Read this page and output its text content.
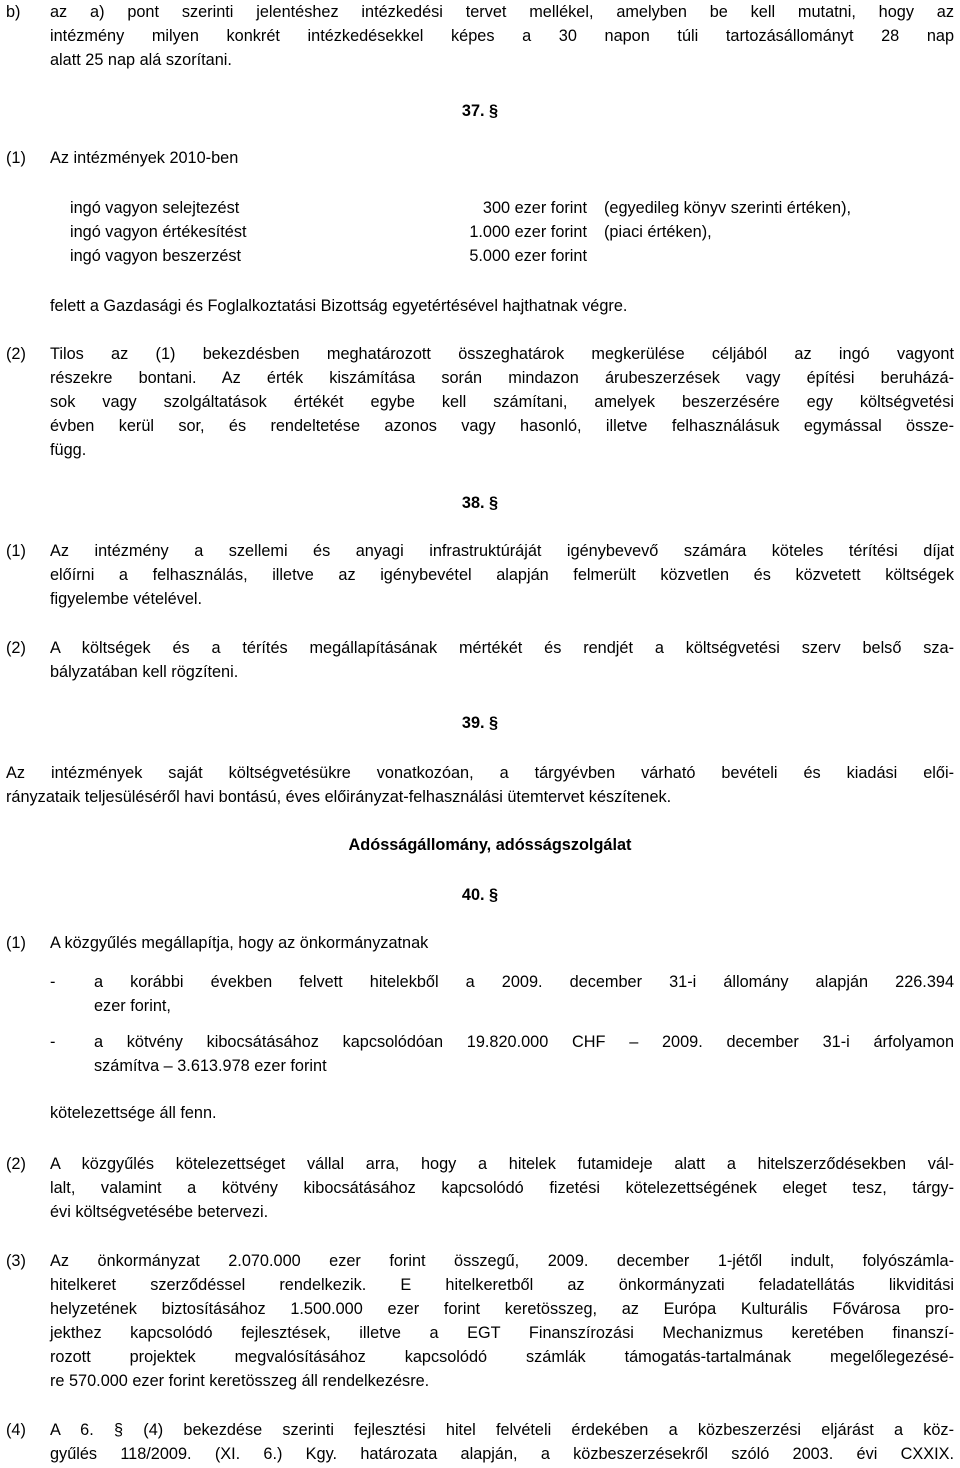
b) az a) pont szerinti jelentéshez intézkedési tervet mellékel, amelyben be kell mutatni, hogy az
intézmény milyen konkrét intézkedésekkel képes a 30 napon túli tartozásállományt 28 nap
alatt 25 nap alá szorítani.
37. §
(1) Az intézmények 2010-ben
ingó vagyon selejtezést	300 ezer forint (egyedileg könyv szerinti értéken),
ingó vagyon értékesítést	1.000 ezer forint (piaci értéken),
ingó vagyon beszerzést	5.000 ezer forint
felett a Gazdasági és Foglalkoztatási Bizottság egyetértésével hajthatnak végre.
(2) Tilos az (1) bekezdésben meghatározott összeghatárok megkerülése céljából az ingó vagyont
részekre bontani. Az érték kiszámítása során mindazon árubeszerzések vagy építési beruházá-
sok vagy szolgáltatások értékét egybe kell számítani, amelyek beszerzésére egy költségvetési
évben kerül sor, és rendeltetése azonos vagy hasonló, illetve felhasználásuk egymással össze-
függ.
38. §
(1) Az intézmény a szellemi és anyagi infrastruktúráját igénybevevő számára köteles térítési díjat
előírni a felhasználás, illetve az igénybevétel alapján felmerült közvetlen és közvetett költségek
figyelembe vételével.
(2) A költségek és a térítés megállapításának mértékét és rendjét a költségvetési szerv belső sza-
bályzatában kell rögzíteni.
39. §
Az intézmények saját költségvetésükre vonatkozóan, a tárgyévben várható bevételi és kiadási elői-
rányzataik teljesüléséről havi bontású, éves előirányzat-felhasználási ütemtervet készítenek.
Adósságállomány, adósságszolgálat
40. §
(1) A közgyűlés megállapítja, hogy az önkormányzatnak
- a korábbi években felvett hitelekből a 2009. december 31-i állomány alapján 226.394
ezer forint,
- a kötvény kibocsátásához kapcsolódóan 19.820.000 CHF – 2009. december 31-i árfolyamon
számítva – 3.613.978 ezer forint
kötelezettsége áll fenn.
(2) A közgyűlés kötelezettséget vállal arra, hogy a hitelek futamideje alatt a hitelszerződésekben vál-
lalt, valamint a kötvény kibocsátásához kapcsolódó fizetési kötelezettségének eleget tesz, tárgy-
évi költségvetésébe betervezi.
(3) Az önkormányzat 2.070.000 ezer forint összegű, 2009. december 1-jétől indult, folyószámla-
hitelkeret szerződéssel rendelkezik. E hitelkeretből az önkormányzati feladatellátás likviditási
helyzetének biztosításához 1.500.000 ezer forint keretösszeg, az Európa Kulturális Fővárosa pro-
jekthez kapcsolódó fejlesztések, illetve a EGT Finanszírozási Mechanizmus keretében finanszí-
rozott projektek megvalósításához kapcsolódó számlák támogatás-tartalmának megelőlegezésé-
re 570.000 ezer forint keretösszeg áll rendelkezésre.
(4) A 6. § (4) bekezdése szerinti fejlesztési hitel felvételi érdekében a közbeszerzési eljárást a köz-
gyűlés 118/2009. (XI. 6.) Kgy. határozata alapján, a közbeszerzésekről szóló 2003. évi CXXIX.
